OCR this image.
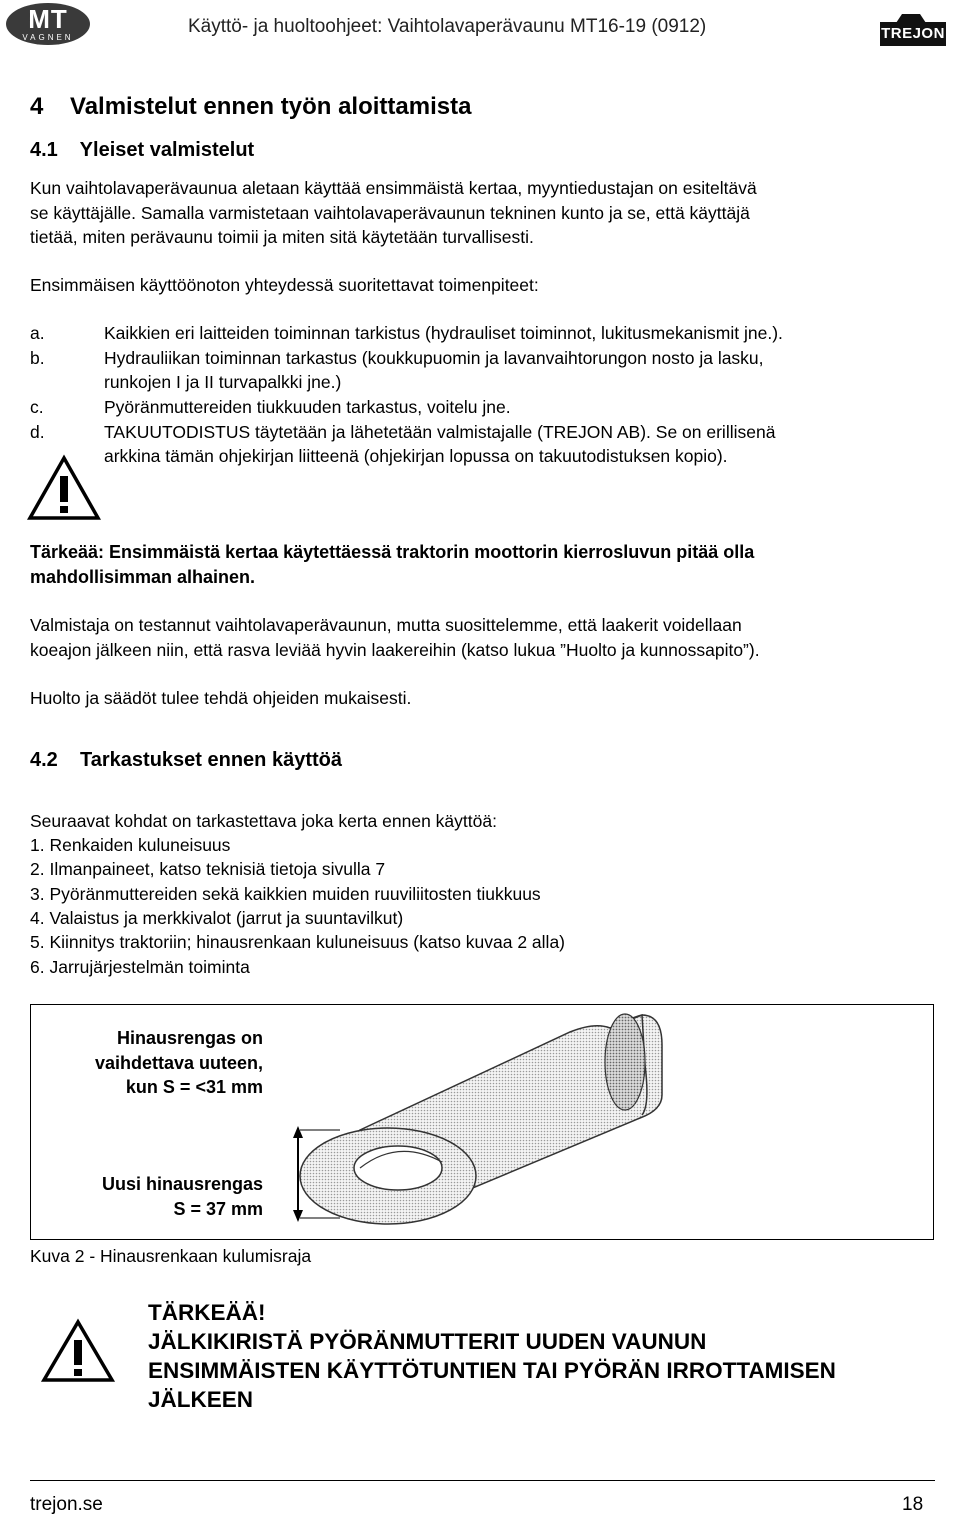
MT
VAGNEN
Käyttö- ja huoltoohjeet: Vaihtolavaperävaunu MT16-19 (0912)	TREJON
4    Valmistelut ennen työn aloittamista
4.1    Yleiset valmistelut
Kun vaihtolavaperävaunua aletaan käyttää ensimmäistä kertaa, myyntiedustajan on esiteltävä
se käyttäjälle. Samalla varmistetaan vaihtolavaperävaunun tekninen kunto ja se, että käyttäjä
tietää, miten perävaunu toimii ja miten sitä käytetään turvallisesti.
Ensimmäisen käyttöönoton yhteydessä suoritettavat toimenpiteet:
a.	Kaikkien eri laitteiden toiminnan tarkistus (hydrauliset toiminnot, lukitusmekanismit jne.).
b.	Hydrauliikan toiminnan tarkastus (koukkupuomin ja lavanvaihtorungon nosto ja lasku,
runkojen I ja II turvapalkki jne.)
c.	Pyöränmuttereiden tiukkuuden tarkastus, voitelu jne.
d.	TAKUUTODISTUS täytetään ja lähetetään valmistajalle (TREJON AB). Se on erillisenä
arkkina tämän ohjekirjan liitteenä (ohjekirjan lopussa on takuutodistuksen kopio).
Tärkeää: Ensimmäistä kertaa käytettäessä traktorin moottorin kierrosluvun pitää olla
mahdollisimman alhainen.
Valmistaja on testannut vaihtolavaperävaunun, mutta suosittelemme, että laakerit voidellaan
koeajon jälkeen niin, että rasva leviää hyvin laakereihin (katso lukua ”Huolto ja kunnossapito”).
Huolto ja säädöt tulee tehdä ohjeiden mukaisesti.
4.2    Tarkastukset ennen käyttöä
Seuraavat kohdat on tarkastettava joka kerta ennen käyttöä:
1. Renkaiden kuluneisuus
2. Ilmanpaineet, katso teknisiä tietoja sivulla 7
3. Pyöränmuttereiden sekä kaikkien muiden ruuviliitosten tiukkuus
4. Valaistus ja merkkivalot (jarrut ja suuntavilkut)
5. Kiinnitys traktoriin; hinausrenkaan kuluneisuus (katso kuvaa 2 alla)
6. Jarrujärjestelmän toiminta
Hinausrengas on
vaihdettava uuteen,
kun S = <31 mm
Uusi hinausrengas
S = 37 mm
Kuva 2 - Hinausrenkaan kulumisraja
TÄRKEÄÄ!
JÄLKIKIRISTÄ PYÖRÄNMUTTERIT UUDEN VAUNUN
ENSIMMÄISTEN KÄYTTÖTUNTIEN TAI PYÖRÄN IRROTTAMISEN
JÄLKEEN
trejon.se	18
